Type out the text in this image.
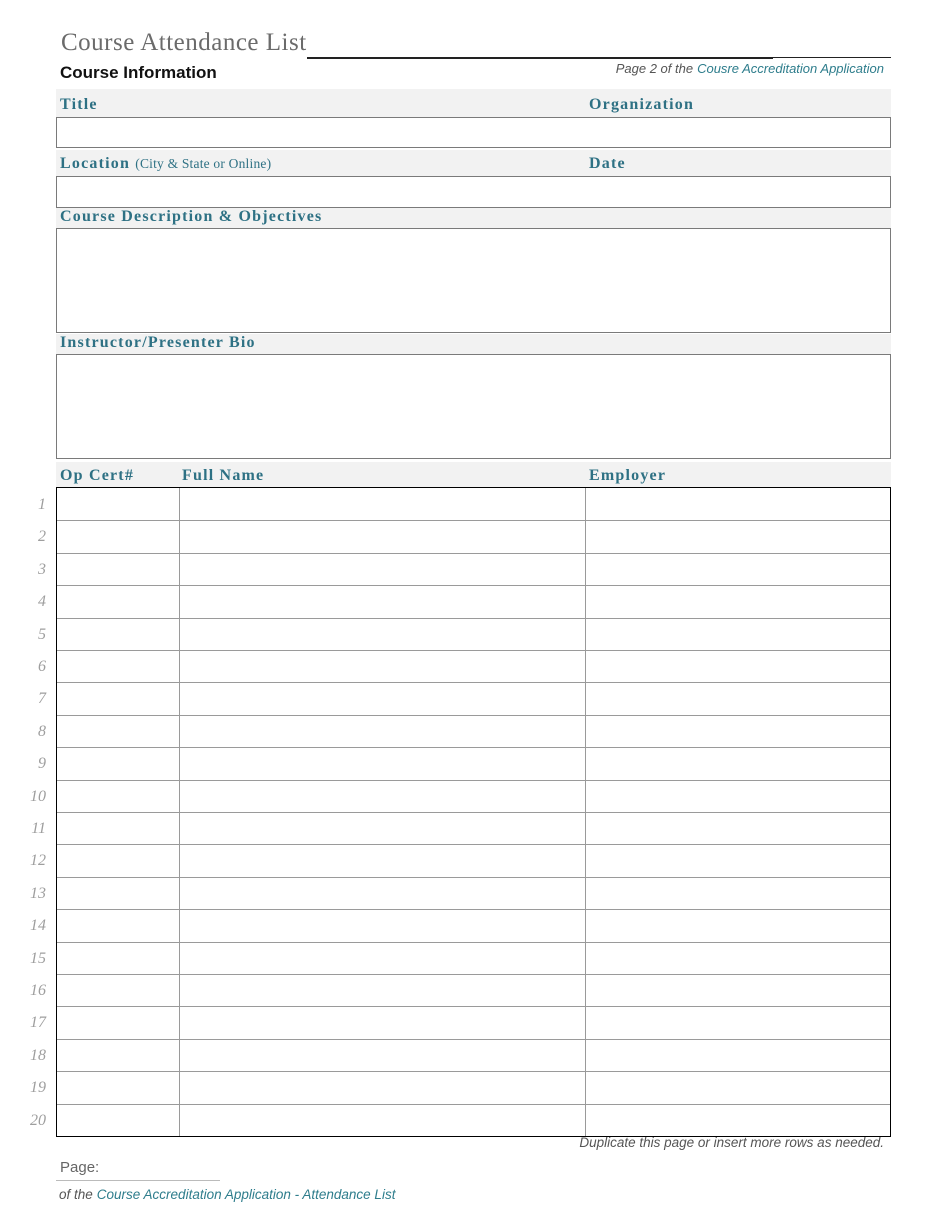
Course Attendance List
Course Information	Page 2 of the Cousre Accreditation Application
Title	Organization
Location (City & State or Online)	Date
Course Description & Objectives
Instructor/Presenter Bio
Op Cert#	Full Name	Employer
1
2
3
4
5
6
7
8
9
10
11
12
13
14
15
16
17
18
19
20
Duplicate this page or insert more rows as needed.
Page:
of the Course Accreditation Application - Attendance List
